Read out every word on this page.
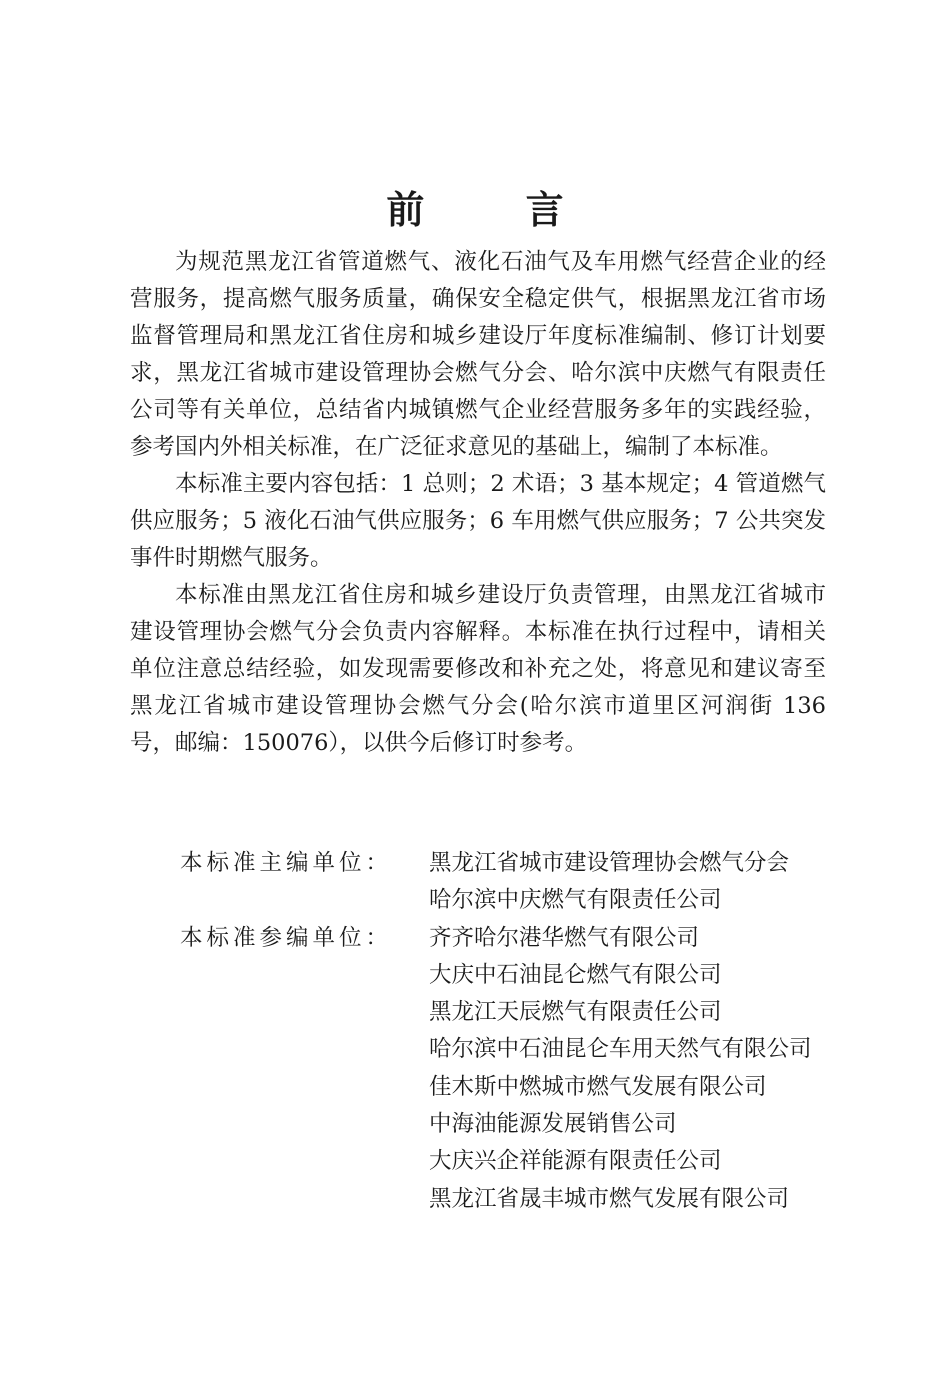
前 言

为规范黑龙江省管道燃气、液化石油气及车用燃气经营企业的经营服务，提高燃气服务质量，确保安全稳定供气，根据黑龙江省市场监督管理局和黑龙江省住房和城乡建设厅年度标准编制、修订计划要求，黑龙江省城市建设管理协会燃气分会、哈尔滨中庆燃气有限责任公司等有关单位，总结省内城镇燃气企业经营服务多年的实践经验，参考国内外相关标准，在广泛征求意见的基础上，编制了本标准。

本标准主要内容包括：1 总则；2 术语；3 基本规定；4 管道燃气供应服务；5 液化石油气供应服务；6 车用燃气供应服务；7 公共突发事件时期燃气服务。

本标准由黑龙江省住房和城乡建设厅负责管理，由黑龙江省城市建设管理协会燃气分会负责内容解释。本标准在执行过程中，请相关单位注意总结经验，如发现需要修改和补充之处，将意见和建议寄至黑龙江省城市建设管理协会燃气分会(哈尔滨市道里区河润街 136 号，邮编：150076），以供今后修订时参考。

本标准主编单位：	黑龙江省城市建设管理协会燃气分会
哈尔滨中庆燃气有限责任公司
本标准参编单位：	齐齐哈尔港华燃气有限公司
大庆中石油昆仑燃气有限公司
黑龙江天辰燃气有限责任公司
哈尔滨中石油昆仑车用天然气有限公司
佳木斯中燃城市燃气发展有限公司
中海油能源发展销售公司
大庆兴企祥能源有限责任公司
黑龙江省晟丰城市燃气发展有限公司
